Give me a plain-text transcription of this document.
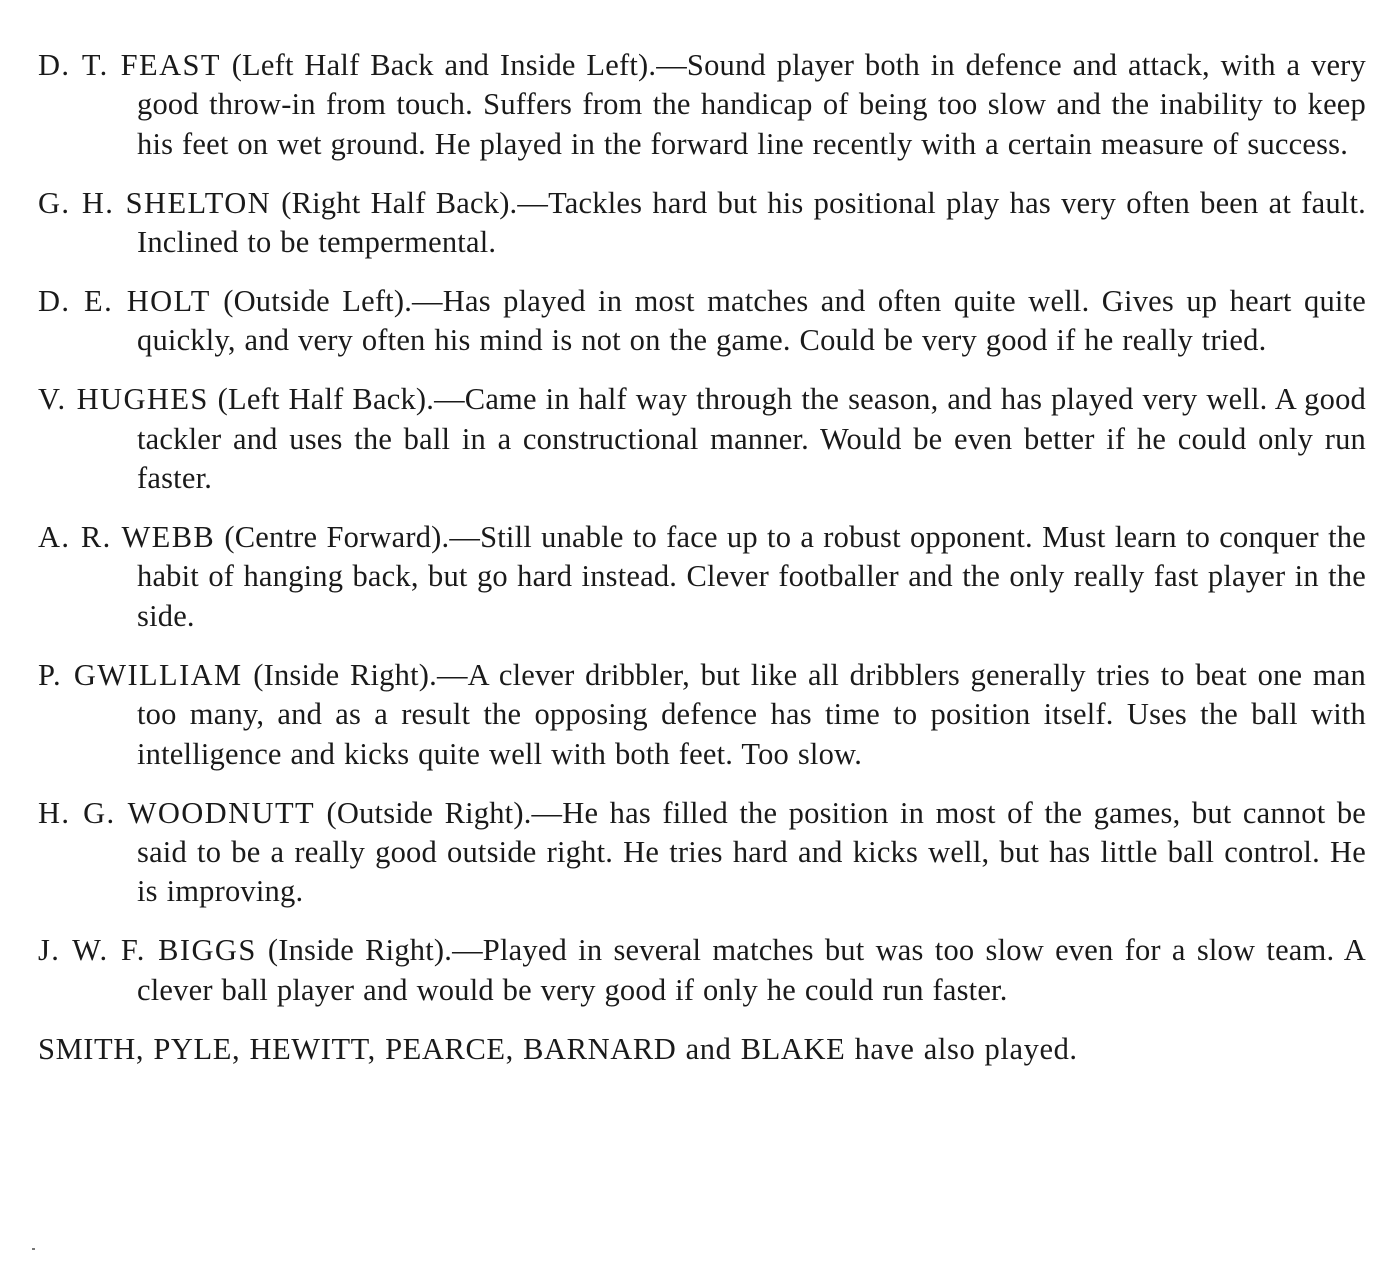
D. T. FEAST (Left Half Back and Inside Left).—Sound player both in defence and attack, with a very good throw-in from touch. Suffers from the handicap of being too slow and the inability to keep his feet on wet ground. He played in the forward line recently with a certain measure of success.

G. H. SHELTON (Right Half Back).—Tackles hard but his positional play has very often been at fault. Inclined to be tempermental.

D. E. HOLT (Outside Left).—Has played in most matches and often quite well. Gives up heart quite quickly, and very often his mind is not on the game. Could be very good if he really tried.

V. HUGHES (Left Half Back).—Came in half way through the season, and has played very well. A good tackler and uses the ball in a constructional manner. Would be even better if he could only run faster.

A. R. WEBB (Centre Forward).—Still unable to face up to a robust opponent. Must learn to conquer the habit of hanging back, but go hard instead. Clever footballer and the only really fast player in the side.

P. GWILLIAM (Inside Right).—A clever dribbler, but like all dribblers generally tries to beat one man too many, and as a result the opposing defence has time to position itself. Uses the ball with intelligence and kicks quite well with both feet. Too slow.

H. G. WOODNUTT (Outside Right).—He has filled the position in most of the games, but cannot be said to be a really good outside right. He tries hard and kicks well, but has little ball control. He is improving.

J. W. F. BIGGS (Inside Right).—Played in several matches but was too slow even for a slow team. A clever ball player and would be very good if only he could run faster.

SMITH, PYLE, HEWITT, PEARCE, BARNARD and BLAKE have also played.
